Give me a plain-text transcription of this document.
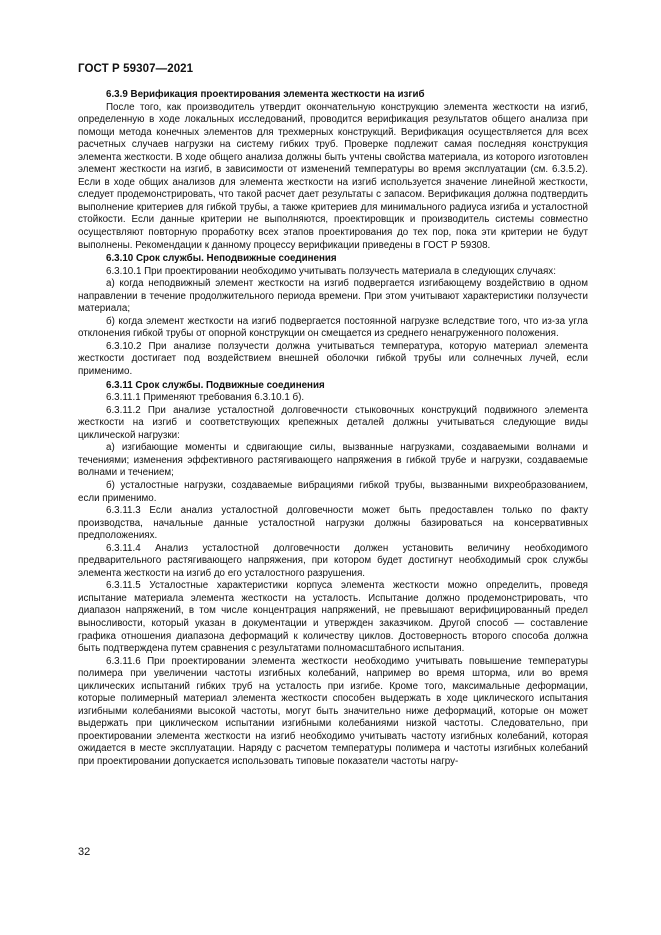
ГОСТ Р 59307—2021

6.3.9 Верификация проектирования элемента жесткости на изгиб

После того, как производитель утвердит окончательную конструкцию элемента жесткости на изгиб, определенную в ходе локальных исследований, проводится верификация результатов общего анализа при помощи метода конечных элементов для трехмерных конструкций. Верификация осуществляется для всех расчетных случаев нагрузки на систему гибких труб. Проверке подлежит самая последняя конструкция элемента жесткости. В ходе общего анализа должны быть учтены свойства материала, из которого изготовлен элемент жесткости на изгиб, в зависимости от изменений температуры во время эксплуатации (см. 6.3.5.2). Если в ходе общих анализов для элемента жесткости на изгиб используется значение линейной жесткости, следует продемонстрировать, что такой расчет дает результаты с запасом. Верификация должна подтвердить выполнение критериев для гибкой трубы, а также критериев для минимального радиуса изгиба и усталостной стойкости. Если данные критерии не выполняются, проектировщик и производитель системы совместно осуществляют повторную проработку всех этапов проектирования до тех пор, пока эти критерии не будут выполнены. Рекомендации к данному процессу верификации приведены в ГОСТ Р 59308.

6.3.10 Срок службы. Неподвижные соединения

6.3.10.1 При проектировании необходимо учитывать ползучесть материала в следующих случаях:

а) когда неподвижный элемент жесткости на изгиб подвергается изгибающему воздействию в одном направлении в течение продолжительного периода времени. При этом учитывают характеристики ползучести материала;

б) когда элемент жесткости на изгиб подвергается постоянной нагрузке вследствие того, что из-за угла отклонения гибкой трубы от опорной конструкции он смещается из среднего ненагруженного положения.

6.3.10.2 При анализе ползучести должна учитываться температура, которую материал элемента жесткости достигает под воздействием внешней оболочки гибкой трубы или солнечных лучей, если применимо.

6.3.11 Срок службы. Подвижные соединения

6.3.11.1 Применяют требования 6.3.10.1 б).

6.3.11.2 При анализе усталостной долговечности стыковочных конструкций подвижного элемента жесткости на изгиб и соответствующих крепежных деталей должны учитываться следующие виды циклической нагрузки:

а) изгибающие моменты и сдвигающие силы, вызванные нагрузками, создаваемыми волнами и течениями; изменения эффективного растягивающего напряжения в гибкой трубе и нагрузки, создаваемые волнами и течением;

б) усталостные нагрузки, создаваемые вибрациями гибкой трубы, вызванными вихреобразованием, если применимо.

6.3.11.3 Если анализ усталостной долговечности может быть предоставлен только по факту производства, начальные данные усталостной нагрузки должны базироваться на консервативных предположениях.

6.3.11.4 Анализ усталостной долговечности должен установить величину необходимого предварительного растягивающего напряжения, при котором будет достигнут необходимый срок службы элемента жесткости на изгиб до его усталостного разрушения.

6.3.11.5 Усталостные характеристики корпуса элемента жесткости можно определить, проведя испытание материала элемента жесткости на усталость. Испытание должно продемонстрировать, что диапазон напряжений, в том числе концентрация напряжений, не превышают верифицированный предел выносливости, который указан в документации и утвержден заказчиком. Другой способ — составление графика отношения диапазона деформаций к количеству циклов. Достоверность второго способа должна быть подтверждена путем сравнения с результатами полномасштабного испытания.

6.3.11.6 При проектировании элемента жесткости необходимо учитывать повышение температуры полимера при увеличении частоты изгибных колебаний, например во время шторма, или во время циклических испытаний гибких труб на усталость при изгибе. Кроме того, максимальные деформации, которые полимерный материал элемента жесткости способен выдержать в ходе циклического испытания изгибными колебаниями высокой частоты, могут быть значительно ниже деформаций, которые он может выдержать при циклическом испытании изгибными колебаниями низкой частоты. Следовательно, при проектировании элемента жесткости на изгиб необходимо учитывать частоту изгибных колебаний, которая ожидается в месте эксплуатации. Наряду с расчетом температуры полимера и частоты изгибных колебаний при проектировании допускается использовать типовые показатели частоты нагру-

32
